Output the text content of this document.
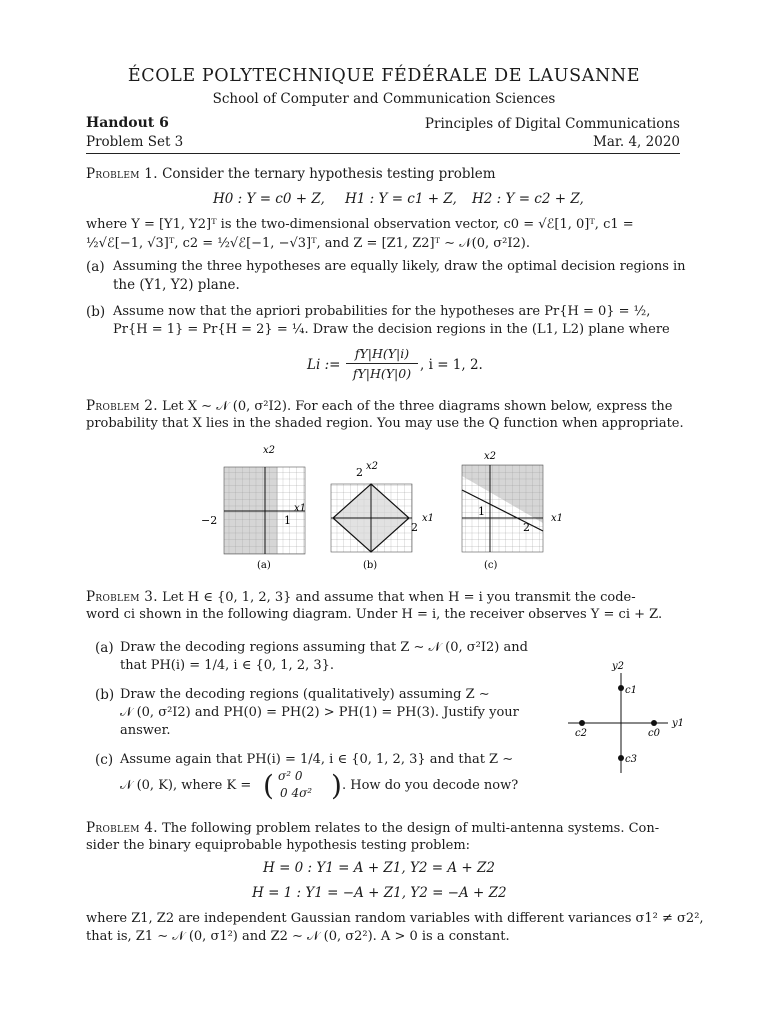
ÉCOLE POLYTECHNIQUE FÉDÉRALE DE LAUSANNE
School of Computer and Communication Sciences
Handout 6	Principles of Digital Communications
Problem Set 3	Mar. 4, 2020
Problem 1. Consider the ternary hypothesis testing problem
H0 : Y = c0 + Z, H1 : Y = c1 + Z, H2 : Y = c2 + Z,
where Y = [Y1, Y2]ᵀ is the two-dimensional observation vector, c0 = √ℰ[1, 0]ᵀ, c1 =
½√ℰ[−1, √3]ᵀ, c2 = ½√ℰ[−1, −√3]ᵀ, and Z = [Z1, Z2]ᵀ ∼ 𝒩(0, σ²I2).
(a) Assuming the three hypotheses are equally likely, draw the optimal decision regions in
the (Y1, Y2) plane.
(b) Assume now that the apriori probabilities for the hypotheses are Pr{H = 0} = ½,
Pr{H = 1} = Pr{H = 2} = ¼. Draw the decision regions in the (L1, L2) plane where
Li :=
fY|H(Y|i)
fY|H(Y|0)
, i = 1, 2.
Problem 2. Let X ∼ 𝒩 (0, σ²I2). For each of the three diagrams shown below, express the
probability that X lies in the shaded region. You may use the Q function when appropriate.
x2
x1
−2	1
(a)
x2
2
x1
2
(b)
x2
x1
1
2
(c)
Problem 3. Let H ∈ {0, 1, 2, 3} and assume that when H = i you transmit the code-
word ci shown in the following diagram. Under H = i, the receiver observes Y = ci + Z.
(a) Draw the decoding regions assuming that Z ∼ 𝒩 (0, σ²I2) and
that PH(i) = 1/4, i ∈ {0, 1, 2, 3}.
(b) Draw the decoding regions (qualitatively) assuming Z ∼
𝒩 (0, σ²I2) and PH(0) = PH(2) > PH(1) = PH(3). Justify your
answer.
(c) Assume again that PH(i) = 1/4, i ∈ {0, 1, 2, 3} and that Z ∼
𝒩 (0, K), where K = ( σ² 0
0 4σ² ) . How do you decode now?
y2
y1
c1
c0
c2
c3
Problem 4. The following problem relates to the design of multi-antenna systems. Con-
sider the binary equiprobable hypothesis testing problem:
H = 0 : Y1 = A + Z1, Y2 = A + Z2
H = 1 : Y1 = −A + Z1, Y2 = −A + Z2
where Z1, Z2 are independent Gaussian random variables with different variances σ1² ≠ σ2²,
that is, Z1 ∼ 𝒩 (0, σ1²) and Z2 ∼ 𝒩 (0, σ2²). A > 0 is a constant.
